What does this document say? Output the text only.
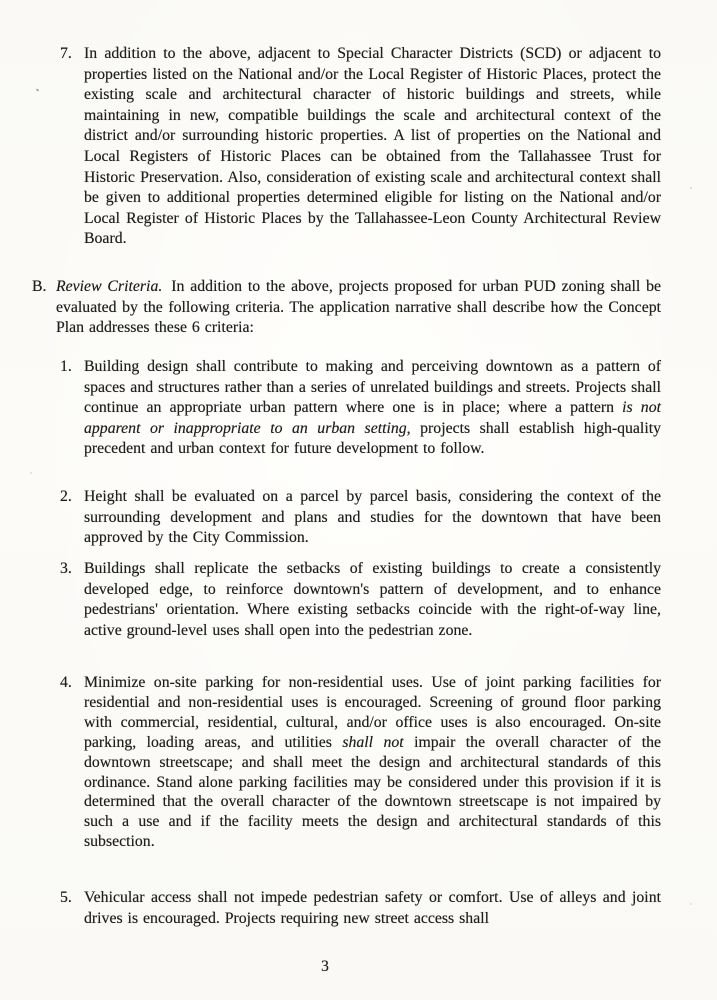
7. In addition to the above, adjacent to Special Character Districts (SCD) or adjacent to properties listed on the National and/or the Local Register of Historic Places, protect the existing scale and architectural character of historic buildings and streets, while maintaining in new, compatible buildings the scale and architectural context of the district and/or surrounding historic properties. A list of properties on the National and Local Registers of Historic Places can be obtained from the Tallahassee Trust for Historic Preservation. Also, consideration of existing scale and architectural context shall be given to additional properties determined eligible for listing on the National and/or Local Register of Historic Places by the Tallahassee-Leon County Architectural Review Board.
B. Review Criteria. In addition to the above, projects proposed for urban PUD zoning shall be evaluated by the following criteria. The application narrative shall describe how the Concept Plan addresses these 6 criteria:
1. Building design shall contribute to making and perceiving downtown as a pattern of spaces and structures rather than a series of unrelated buildings and streets. Projects shall continue an appropriate urban pattern where one is in place; where a pattern is not apparent or inappropriate to an urban setting, projects shall establish high-quality precedent and urban context for future development to follow.
2. Height shall be evaluated on a parcel by parcel basis, considering the context of the surrounding development and plans and studies for the downtown that have been approved by the City Commission.
3. Buildings shall replicate the setbacks of existing buildings to create a consistently developed edge, to reinforce downtown's pattern of development, and to enhance pedestrians' orientation. Where existing setbacks coincide with the right-of-way line, active ground-level uses shall open into the pedestrian zone.
4. Minimize on-site parking for non-residential uses. Use of joint parking facilities for residential and non-residential uses is encouraged. Screening of ground floor parking with commercial, residential, cultural, and/or office uses is also encouraged. On-site parking, loading areas, and utilities shall not impair the overall character of the downtown streetscape; and shall meet the design and architectural standards of this ordinance. Stand alone parking facilities may be considered under this provision if it is determined that the overall character of the downtown streetscape is not impaired by such a use and if the facility meets the design and architectural standards of this subsection.
5. Vehicular access shall not impede pedestrian safety or comfort. Use of alleys and joint drives is encouraged. Projects requiring new street access shall
3
